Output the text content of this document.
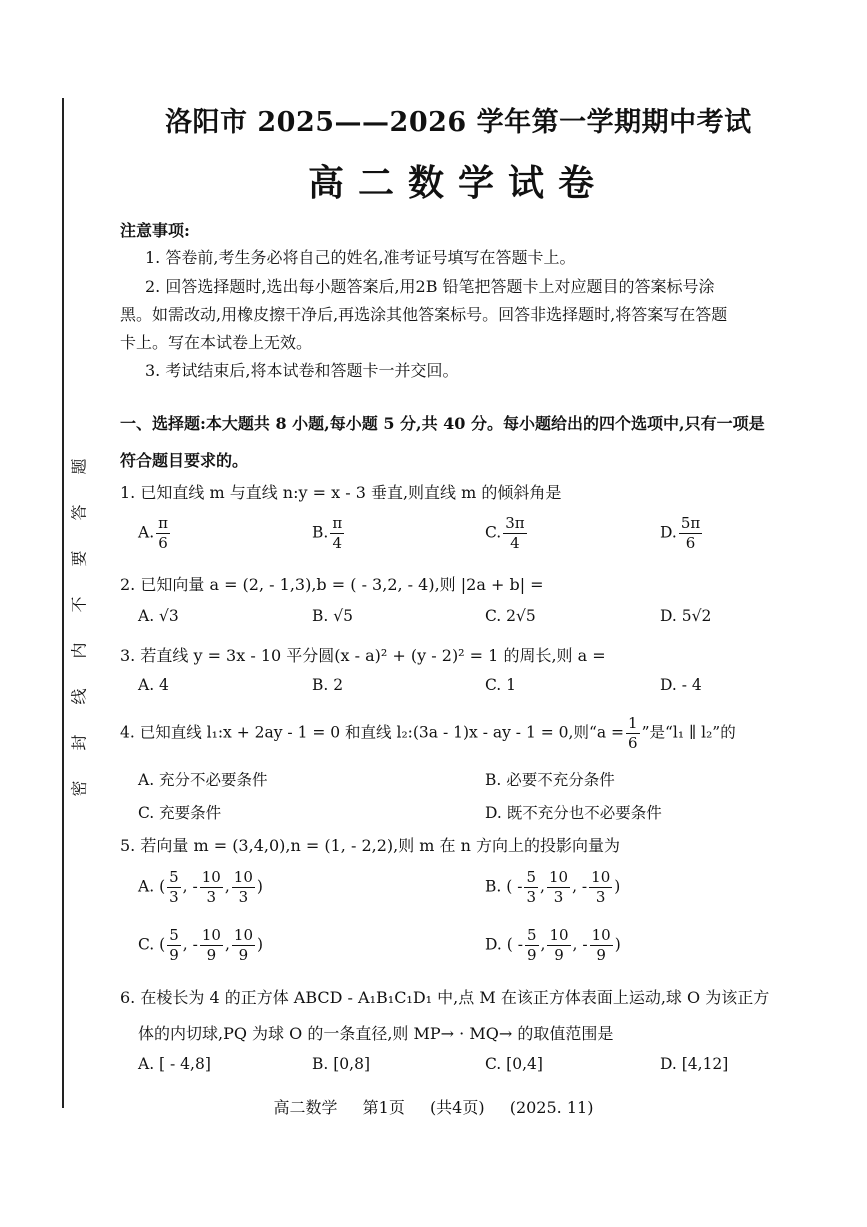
题
答
要
不
内
线
封
密
洛阳市 2025——2026 学年第一学期期中考试
高二数学试卷
注意事项:
1. 答卷前,考生务必将自己的姓名,准考证号填写在答题卡上。
2. 回答选择题时,选出每小题答案后,用2B 铅笔把答题卡上对应题目的答案标号涂
黑。如需改动,用橡皮擦干净后,再选涂其他答案标号。回答非选择题时,将答案写在答题
卡上。写在本试卷上无效。
3. 考试结束后,将本试卷和答题卡一并交回。
一、选择题:本大题共 8 小题,每小题 5 分,共 40 分。每小题给出的四个选项中,只有一项是
符合题目要求的。
1. 已知直线 m 与直线 n:y = x - 3 垂直,则直线 m 的倾斜角是
A. $\frac{\pi}{6}$	B. $\frac{\pi}{4}$	C. $\frac{3\pi}{4}$	D. $\frac{5\pi}{6}$
2. 已知向量 a = (2, - 1,3),b = ( - 3,2, - 4),则 |2a + b| =
A. √3	B. √5	C. 2√5	D. 5√2
3. 若直线 y = 3x - 10 平分圆(x - a)² + (y - 2)² = 1 的周长,则 a =
A. 4	B. 2	C. 1	D. - 4
4. 已知直线 l₁:x + 2ay - 1 = 0 和直线 l₂:(3a - 1)x - ay - 1 = 0,则“$a = \frac{1}{6}$ ”是“l₁ ∥ l₂”的
A. 充分不必要条件	B. 必要不充分条件
C. 充要条件	D. 既不充分也不必要条件
5. 若向量 m = (3,4,0),n = (1, - 2,2),则 m 在 n 方向上的投影向量为
A. ( $\frac{5}{3}$ , - $\frac{10}{3}$ , $\frac{10}{3}$ )	B. ( - $\frac{5}{3}$ , $\frac{10}{3}$ , - $\frac{10}{3}$ )
C. ( $\frac{5}{9}$ , - $\frac{10}{9}$ , $\frac{10}{9}$ )	D. ( - $\frac{5}{9}$ , $\frac{10}{9}$ , - $\frac{10}{9}$ )
6. 在棱长为 4 的正方体 ABCD - A₁B₁C₁D₁ 中,点 M 在该正方体表面上运动,球 O 为该正方
体的内切球,PQ 为球 O 的一条直径,则 MP→ · MQ→ 的取值范围是
A. [ - 4,8]	B. [0,8]	C. [0,4]	D. [4,12]
高二数学 第1页 (共4页) (2025. 11)
